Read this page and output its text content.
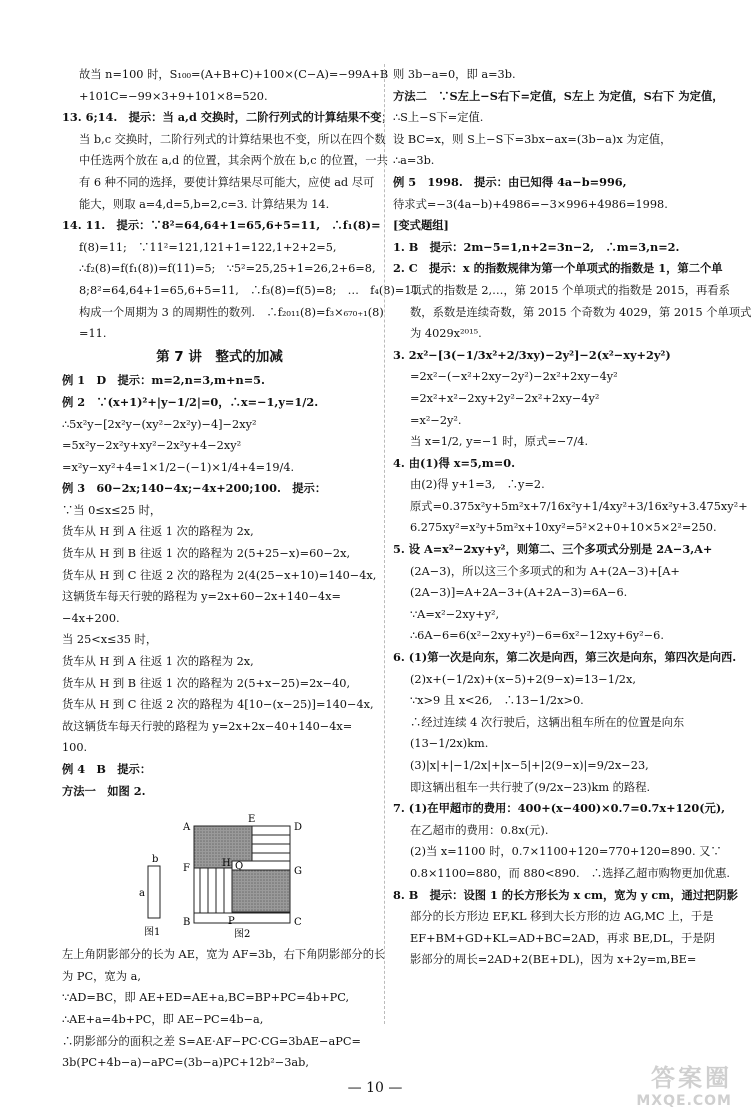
故当 n=100 时，S₁₀₀=(A+B+C)+100×(C−A)=−99A+B
+101C=−99×3+9+101×8=520.
13. 6;14.　提示：当 a,d 交换时，二阶行列式的计算结果不变；
当 b,c 交换时，二阶行列式的计算结果也不变，所以在四个数
中任选两个放在 a,d 的位置，其余两个放在 b,c 的位置，一共
有 6 种不同的选择，要使计算结果尽可能大，应使 ad 尽可
能大，则取 a=4,d=5,b=2,c=3. 计算结果为 14.
14. 11.　提示：∵8²=64,64+1=65,6+5=11,　∴f₁(8)=
f(8)=11;　∵11²=121,121+1=122,1+2+2=5,
∴f₂(8)=f(f₁(8))=f(11)=5;　∵5²=25,25+1=26,2+6=8,
8;8²=64,64+1=65,6+5=11,　∴f₃(8)=f(5)=8;　…　f₄(8)=11.
构成一个周期为 3 的周期性的数列.　∴f₂₀₁₁(8)=f₃×₆₇₀₊₁(8)
=11.
第 7 讲　整式的加减
例 1　D　提示：m=2,n=3,m+n=5.
例 2　∵(x+1)²+|y−1/2|=0，∴x=−1,y=1/2.
∴5x²y−[2x²y−(xy²−2x²y)−4]−2xy²
=5x²y−2x²y+xy²−2x²y+4−2xy²
=x²y−xy²+4=1×1/2−(−1)×1/4+4=19/4.
例 3　60−2x;140−4x;−4x+200;100.　提示：
∵当 0≤x≤25 时，
货车从 H 到 A 往返 1 次的路程为 2x,
货车从 H 到 B 往返 1 次的路程为 2(5+25−x)=60−2x,
货车从 H 到 C 往返 2 次的路程为 2(4(25−x+10)=140−4x,
这辆货车每天行驶的路程为 y=2x+60−2x+140−4x=
−4x+200.
当 25<x≤35 时，
货车从 H 到 A 往返 1 次的路程为 2x,
货车从 H 到 B 往返 1 次的路程为 2(5+x−25)=2x−40,
货车从 H 到 C 往返 2 次的路程为 4[10−(x−25)]=140−4x,
故这辆货车每天行驶的路程为 y=2x+2x−40+140−4x=
100.
例 4　B　提示：
方法一　如图 2.
b
a
图1
A
E
D
F	H Q	G
B	P	C
图2
左上角阴影部分的长为 AE，宽为 AF=3b，右下角阴影部分的长
为 PC，宽为 a,
∵AD=BC，即 AE+ED=AE+a,BC=BP+PC=4b+PC,
∴AE+a=4b+PC，即 AE−PC=4b−a,
∴阴影部分的面积之差 S=AE·AF−PC·CG=3bAE−aPC=
3b(PC+4b−a)−aPC=(3b−a)PC+12b²−3ab,
则 3b−a=0，即 a=3b.
方法二　∵S左上−S右下=定值，S左上 为定值，S右下 为定值，
∴S上−S下=定值.
设 BC=x，则 S上−S下=3bx−ax=(3b−a)x 为定值，
∴a=3b.
例 5　1998.　提示：由已知得 4a−b=996,
待求式=−3(4a−b)+4986=−3×996+4986=1998.
[变式题组]
1. B　提示：2m−5=1,n+2=3n−2,　∴m=3,n=2.
2. C　提示：x 的指数规律为第一个单项式的指数是 1，第二个单
项式的指数是 2,…，第 2015 个单项式的指数是 2015，再看系
数，系数是连续奇数，第 2015 个奇数为 4029，第 2015 个单项式
为 4029x²⁰¹⁵.
3. 2x²−[3(−1/3x²+2/3xy)−2y²]−2(x²−xy+2y²)
=2x²−(−x²+2xy−2y²)−2x²+2xy−4y²
=2x²+x²−2xy+2y²−2x²+2xy−4y²
=x²−2y².
当 x=1/2, y=−1 时，原式=−7/4.
4. 由(1)得 x=5,m=0.
由(2)得 y+1=3,　∴y=2.
原式=0.375x²y+5m²x+7/16x²y+1/4xy²+3/16x²y+3.475xy²+
6.275xy²=x²y+5m²x+10xy²=5²×2+0+10×5×2²=250.
5. 设 A=x²−2xy+y²，则第二、三个多项式分别是 2A−3,A+
(2A−3)，所以这三个多项式的和为 A+(2A−3)+[A+
(2A−3)]=A+2A−3+(A+2A−3)=6A−6.
∵A=x²−2xy+y²,
∴6A−6=6(x²−2xy+y²)−6=6x²−12xy+6y²−6.
6. (1)第一次是向东，第二次是向西，第三次是向东，第四次是向西.
(2)x+(−1/2x)+(x−5)+2(9−x)=13−1/2x,
∵x>9 且 x<26,　∴13−1/2x>0.
∴经过连续 4 次行驶后，这辆出租车所在的位置是向东
(13−1/2x)km.
(3)|x|+|−1/2x|+|x−5|+|2(9−x)|=9/2x−23,
即这辆出租车一共行驶了(9/2x−23)km 的路程.
7. (1)在甲超市的费用：400+(x−400)×0.7=0.7x+120(元),
在乙超市的费用：0.8x(元).
(2)当 x=1100 时，0.7×1100+120=770+120=890. 又∵
0.8×1100=880，而 880<890.　∴选择乙超市购物更加优惠.
8. B　提示：设图 1 的长方形长为 x cm，宽为 y cm，通过把阴影
部分的长方形边 EF,KL 移到大长方形的边 AG,MC 上，于是
EF+BM+GD+KL=AD+BC=2AD，再求 BE,DL，于是阴
影部分的周长=2AD+2(BE+DL)，因为 x+2y=m,BE=
— 10 —	答案圈
MXQE.COM
